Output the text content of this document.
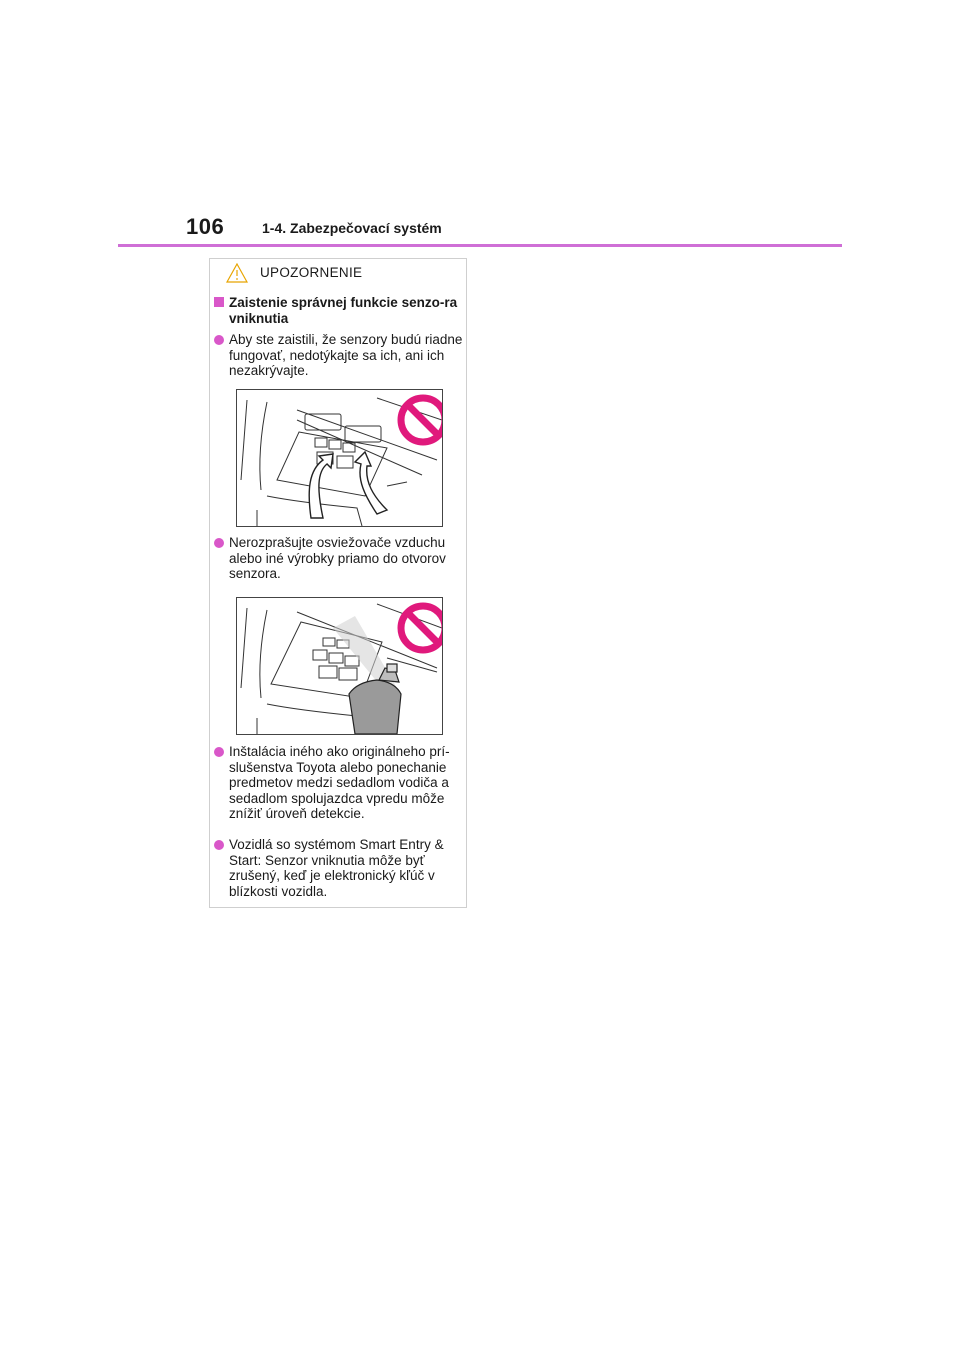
106	1-4. Zabezpečovací systém
UPOZORNENIE
Zaistenie správnej funkcie senzo-ra vniknutia
Aby ste zaistili, že senzory budú riadne fungovať, nedotýkajte sa ich, ani ich nezakrývajte.
Nerozprašujte osviežovače vzduchu alebo iné výrobky priamo do otvorov senzora.
Inštalácia iného ako originálneho prí-slušenstva Toyota alebo ponechanie predmetov medzi sedadlom vodiča a sedadlom spolujazdca vpredu môže znížiť úroveň detekcie.
Vozidlá so systémom Smart Entry & Start: Senzor vniknutia môže byť zrušený, keď je elektronický kľúč v blízkosti vozidla.
